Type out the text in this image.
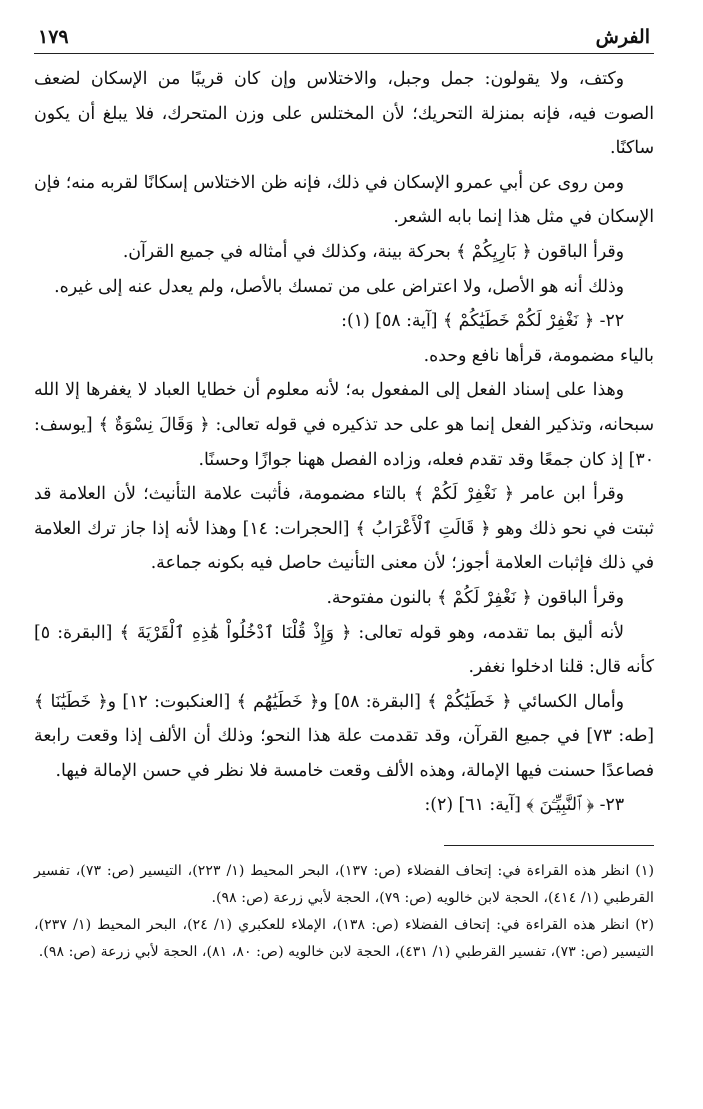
الفرش
١٧٩

وكتف، ولا يقولون: جمل وجبل، والاختلاس وإن كان قريبًا من الإسكان لضعف الصوت فيه، فإنه بمنزلة التحريك؛ لأن المختلس على وزن المتحرك، فلا يبلغ أن يكون ساكنًا.

ومن روى عن أبي عمرو الإسكان في ذلك، فإنه ظن الاختلاس إسكانًا لقربه منه؛ فإن الإسكان في مثل هذا إنما بابه الشعر.

وقرأ الباقون ﴿ بَارِيِكُمْ ﴾ بحركة بينة، وكذلك في أمثاله في جميع القرآن.

وذلك أنه هو الأصل، ولا اعتراض على من تمسك بالأصل، ولم يعدل عنه إلى غيره.

٢٢- ﴿ نَغْفِرْ لَكُمْ خَطَيَٰكُمْ ﴾ [آية: ٥٨] (١):

بالياء مضمومة، قرأها نافع وحده.

وهذا على إسناد الفعل إلى المفعول به؛ لأنه معلوم أن خطايا العباد لا يغفرها إلا الله سبحانه، وتذكير الفعل إنما هو على حد تذكيره في قوله تعالى: ﴿ وَقَالَ نِسْوَةٌ ﴾ [يوسف: ٣٠] إذ كان جمعًا وقد تقدم فعله، وزاده الفصل ههنا جوازًا وحسنًا.

وقرأ ابن عامر ﴿ نَغْفِرْ لَكُمْ ﴾ بالتاء مضمومة، فأثبت علامة التأنيث؛ لأن العلامة قد ثبتت في نحو ذلك وهو ﴿ قَالَتِ ٱلْأَعْرَابُ ﴾ [الحجرات: ١٤] وهذا لأنه إذا جاز ترك العلامة في ذلك فإثبات العلامة أجوز؛ لأن معنى التأنيث حاصل فيه بكونه جماعة.

وقرأ الباقون ﴿ نَغْفِرْ لَكُمْ ﴾ بالنون مفتوحة.

لأنه أليق بما تقدمه، وهو قوله تعالى: ﴿ وَإِذْ قُلْنَا ٱدْخُلُواْ هَٰذِهِ ٱلْقَرْيَةَ ﴾ [البقرة: ٥] كأنه قال: قلنا ادخلوا نغفر.

وأمال الكسائي ﴿ خَطَيَٰكُمْ ﴾ [البقرة: ٥٨] و﴿ خَطَيَٰهُم ﴾ [العنكبوت: ١٢] و﴿ خَطَيَٰنَا ﴾ [طه: ٧٣] في جميع القرآن، وقد تقدمت علة هذا النحو؛ وذلك أن الألف إذا وقعت رابعة فصاعدًا حسنت فيها الإمالة، وهذه الألف وقعت خامسة فلا نظر في حسن الإمالة فيها.

٢٣- ﴿ ٱلنَّبِيِّـۧنَ ﴾ [آية: ٦١] (٢):

(١) انظر هذه القراءة في: إتحاف الفضلاء (ص: ١٣٧)، البحر المحيط (١/ ٢٢٣)، التيسير (ص: ٧٣)، تفسير القرطبي (١/ ٤١٤)، الحجة لابن خالويه (ص: ٧٩)، الحجة لأبي زرعة (ص: ٩٨).

(٢) انظر هذه القراءة في: إتحاف الفضلاء (ص: ١٣٨)، الإملاء للعكبري (١/ ٢٤)، البحر المحيط (١/ ٢٣٧)، التيسير (ص: ٧٣)، تفسير القرطبي (١/ ٤٣١)، الحجة لابن خالويه (ص: ٨٠، ٨١)، الحجة لأبي زرعة (ص: ٩٨).
